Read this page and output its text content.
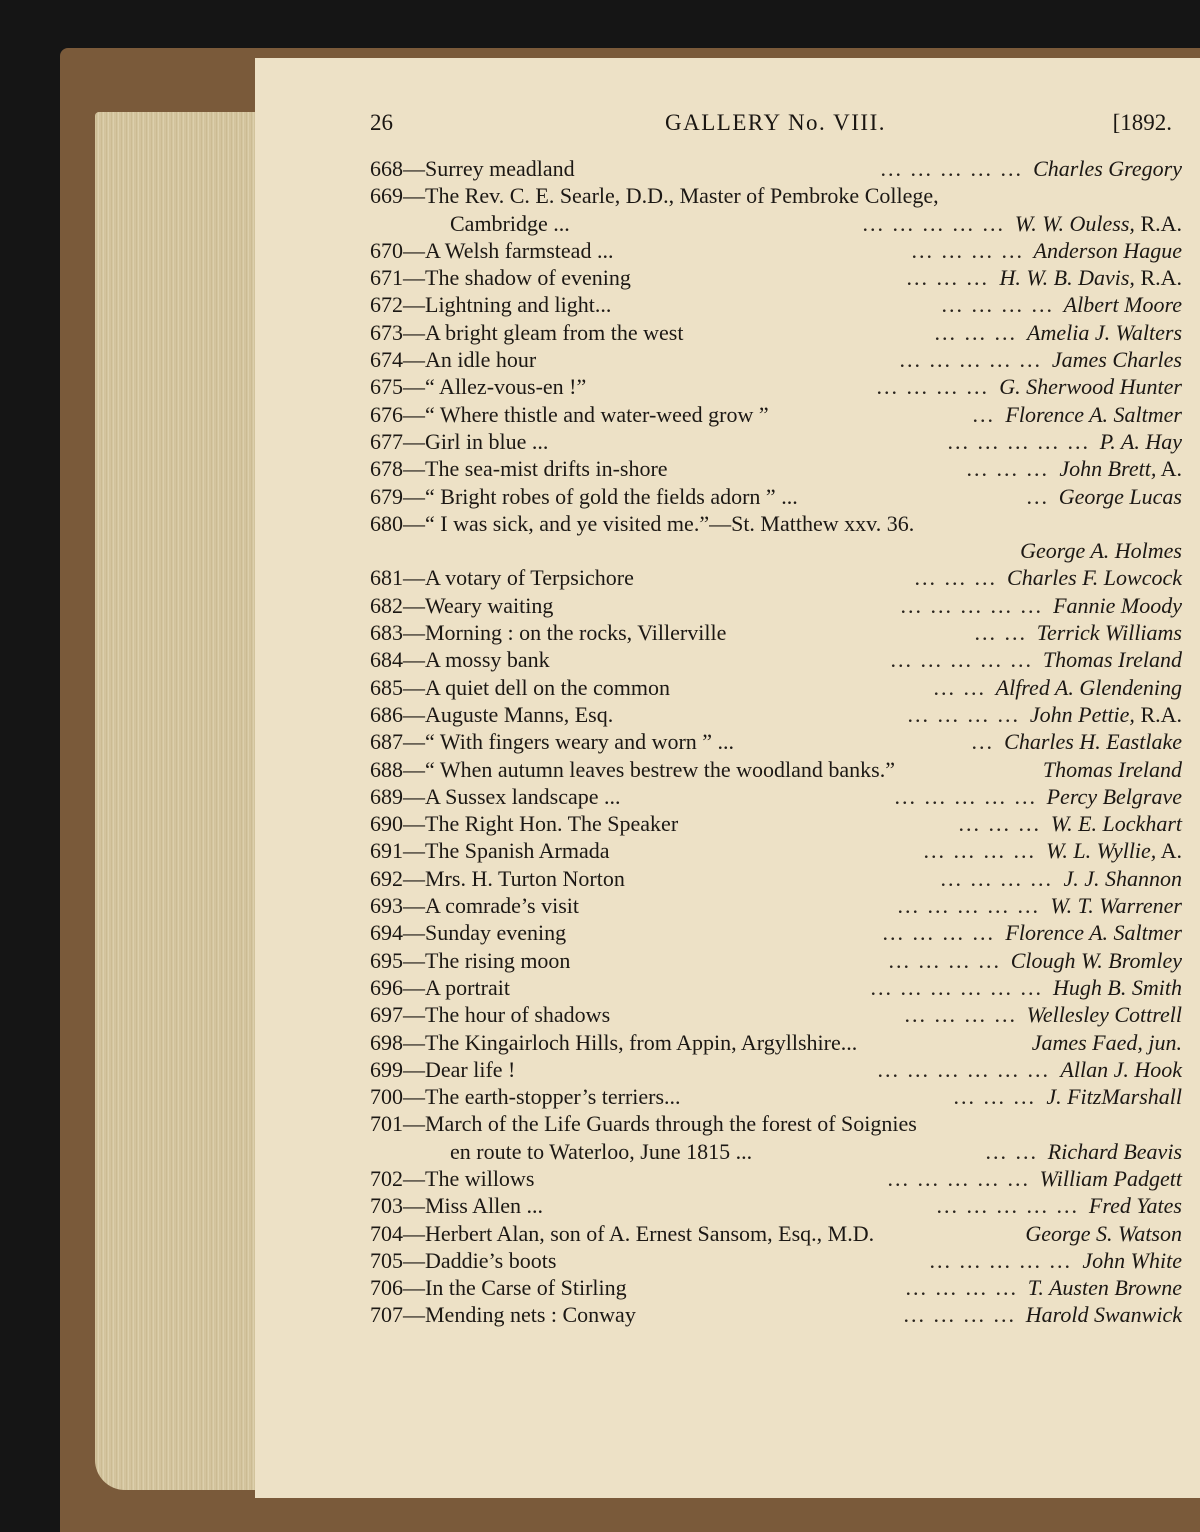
26	GALLERY No. VIII.	[1892.
668—Surrey meadland	... ... ... ... ... Charles Gregory
669—The Rev. C. E. Searle, D.D., Master of Pembroke College,
Cambridge ...	... ... ... ... ... W. W. Ouless, R.A.
670—A Welsh farmstead ...	... ... ... ... Anderson Hague
671—The shadow of evening	... ... ... H. W. B. Davis, R.A.
672—Lightning and light...	... ... ... ... Albert Moore
673—A bright gleam from the west	... ... ... Amelia J. Walters
674—An idle hour	... ... ... ... ... James Charles
675—“ Allez-vous-en !”	... ... ... ... G. Sherwood Hunter
676—“ Where thistle and water-weed grow ”	... Florence A. Saltmer
677—Girl in blue ...	... ... ... ... ... P. A. Hay
678—The sea-mist drifts in-shore	... ... ... John Brett, A.
679—“ Bright robes of gold the fields adorn ” ...	... George Lucas
680—“ I was sick, and ye visited me.”—St. Matthew xxv. 36.
George A. Holmes
681—A votary of Terpsichore	... ... ... Charles F. Lowcock
682—Weary waiting	... ... ... ... ... Fannie Moody
683—Morning : on the rocks, Villerville	... ... Terrick Williams
684—A mossy bank	... ... ... ... ... Thomas Ireland
685—A quiet dell on the common	... ... Alfred A. Glendening
686—Auguste Manns, Esq.	... ... ... ... John Pettie, R.A.
687—“ With fingers weary and worn ” ...	... Charles H. Eastlake
688—“ When autumn leaves bestrew the woodland banks.”	Thomas Ireland
689—A Sussex landscape ...	... ... ... ... ... Percy Belgrave
690—The Right Hon. The Speaker	... ... ... W. E. Lockhart
691—The Spanish Armada	... ... ... ... W. L. Wyllie, A.
692—Mrs. H. Turton Norton	... ... ... ... J. J. Shannon
693—A comrade’s visit	... ... ... ... ... W. T. Warrener
694—Sunday evening	... ... ... ... Florence A. Saltmer
695—The rising moon	... ... ... ... Clough W. Bromley
696—A portrait	... ... ... ... ... ... Hugh B. Smith
697—The hour of shadows	... ... ... ... Wellesley Cottrell
698—The Kingairloch Hills, from Appin, Argyllshire...	James Faed, jun.
699—Dear life !	... ... ... ... ... ... Allan J. Hook
700—The earth-stopper’s terriers...	... ... ... J. FitzMarshall
701—March of the Life Guards through the forest of Soignies
en route to Waterloo, June 1815 ...	... ... Richard Beavis
702—The willows	... ... ... ... ... William Padgett
703—Miss Allen ...	... ... ... ... ... Fred Yates
704—Herbert Alan, son of A. Ernest Sansom, Esq., M.D.	George S. Watson
705—Daddie’s boots	... ... ... ... ... John White
706—In the Carse of Stirling	... ... ... ... T. Austen Browne
707—Mending nets : Conway	... ... ... ... Harold Swanwick
